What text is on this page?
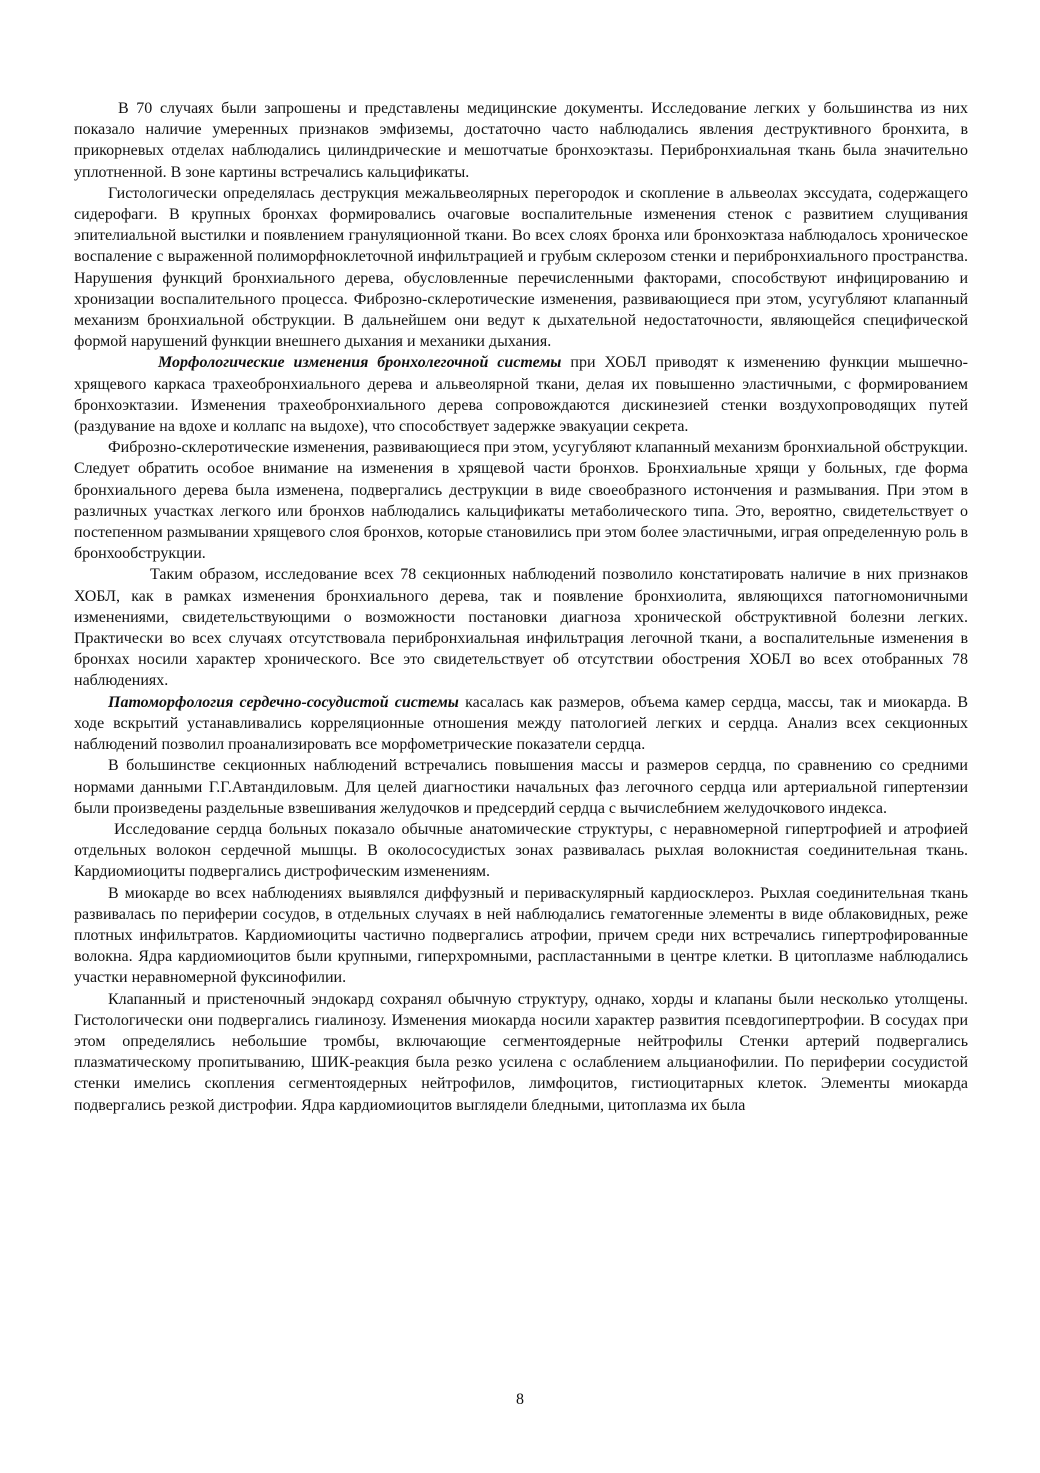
В 70 случаях были запрошены и представлены медицинские документы. Исследование легких у большинства из них показало наличие умеренных признаков эмфиземы, достаточно часто наблюдались явления деструктивного бронхита, в прикорневых отделах наблюдались цилиндрические и мешотчатые бронхоэктазы. Перибронхиальная ткань была значительно уплотненной. В зоне картины встречались кальцификаты.

Гистологически определялась деструкция межальвеолярных перегородок и скопление в альвеолах экссудата, содержащего сидерофаги. В крупных бронхах формировались очаговые воспалительные изменения стенок с развитием слущивания эпителиальной выстилки и появлением грануляционной ткани. Во всех слоях бронха или бронхоэктаза наблюдалось хроническое воспаление с выраженной полиморфноклеточной инфильтрацией и грубым склерозом стенки и перибронхиального пространства. Нарушения функций бронхиального дерева, обусловленные перечисленными факторами, способствуют инфицированию и хронизации воспалительного процесса. Фиброзно-склеротические изменения, развивающиеся при этом, усугубляют клапанный механизм бронхиальной обструкции. В дальнейшем они ведут к дыхательной недостаточности, являющейся специфической формой нарушений функции внешнего дыхания и механики дыхания.

Морфологические изменения бронхолегочной системы при ХОБЛ приводят к изменению функции мышечно-хрящевого каркаса трахеобронхиального дерева и альвеолярной ткани, делая их повышенно эластичными, с формированием бронхоэктазии. Изменения трахеобронхиального дерева сопровождаются дискинезией стенки воздухопроводящих путей (раздувание на вдохе и коллапс на выдохе), что способствует задержке эвакуации секрета.

Фиброзно-склеротические изменения, развивающиеся при этом, усугубляют клапанный механизм бронхиальной обструкции. Следует обратить особое внимание на изменения в хрящевой части бронхов. Бронхиальные хрящи у больных, где форма бронхиального дерева была изменена, подвергались деструкции в виде своеобразного истончения и размывания. При этом в различных участках легкого или бронхов наблюдались кальцификаты метаболического типа. Это, вероятно, свидетельствует о постепенном размывании хрящевого слоя бронхов, которые становились при этом более эластичными, играя определенную роль в бронхообструкции.

Таким образом, исследование всех 78 секционных наблюдений позволило констатировать наличие в них признаков ХОБЛ, как в рамках изменения бронхиального дерева, так и появление бронхиолита, являющихся патогномоничными изменениями, свидетельствующими о возможности постановки диагноза хронической обструктивной болезни легких. Практически во всех случаях отсутствовала перибронхиальная инфильтрация легочной ткани, а воспалительные изменения в бронхах носили характер хронического. Все это свидетельствует об отсутствии обострения ХОБЛ во всех отобранных 78 наблюдениях.

Патоморфология сердечно-сосудистой системы касалась как размеров, объема камер сердца, массы, так и миокарда. В ходе вскрытий устанавливались корреляционные отношения между патологией легких и сердца. Анализ всех секционных наблюдений позволил проанализировать все морфометрические показатели сердца.

В большинстве секционных наблюдений встречались повышения массы и размеров сердца, по сравнению со средними нормами данными Г.Г.Автандиловым. Для целей диагностики начальных фаз легочного сердца или артериальной гипертензии были произведены раздельные взвешивания желудочков и предсердий сердца с вычислебнием желудочкового индекса.

Исследование сердца больных показало обычные анатомические структуры, с неравномерной гипертрофией и атрофией отдельных волокон сердечной мышцы. В околососудистых зонах развивалась рыхлая волокнистая соединительная ткань. Кардиомиоциты подвергались дистрофическим изменениям.

В миокарде во всех наблюдениях выявлялся диффузный и периваскулярный кардиосклероз. Рыхлая соединительная ткань развивалась по периферии сосудов, в отдельных случаях в ней наблюдались гематогенные элементы в виде облаковидных, реже плотных инфильтратов. Кардиомиоциты частично подвергались атрофии, причем среди них встречались гипертрофированные волокна. Ядра кардиомиоцитов были крупными, гиперхромными, распластанными в центре клетки. В цитоплазме наблюдались участки неравномерной фуксинофилии.

Клапанный и пристеночный эндокард сохранял обычную структуру, однако, хорды и клапаны были несколько утолщены. Гистологически они подвергались гиалинозу. Изменения миокарда носили характер развития псевдогипертрофии. В сосудах при этом определялись небольшие тромбы, включающие сегментоядерные нейтрофилы Стенки артерий подвергались плазматическому пропитыванию, ШИК-реакция была резко усилена с ослаблением альцианофилии. По периферии сосудистой стенки имелись скопления сегментоядерных нейтрофилов, лимфоцитов, гистиоцитарных клеток. Элементы миокарда подвергались резкой дистрофии. Ядра кардиомиоцитов выглядели бледными, цитоплазма их была

8
